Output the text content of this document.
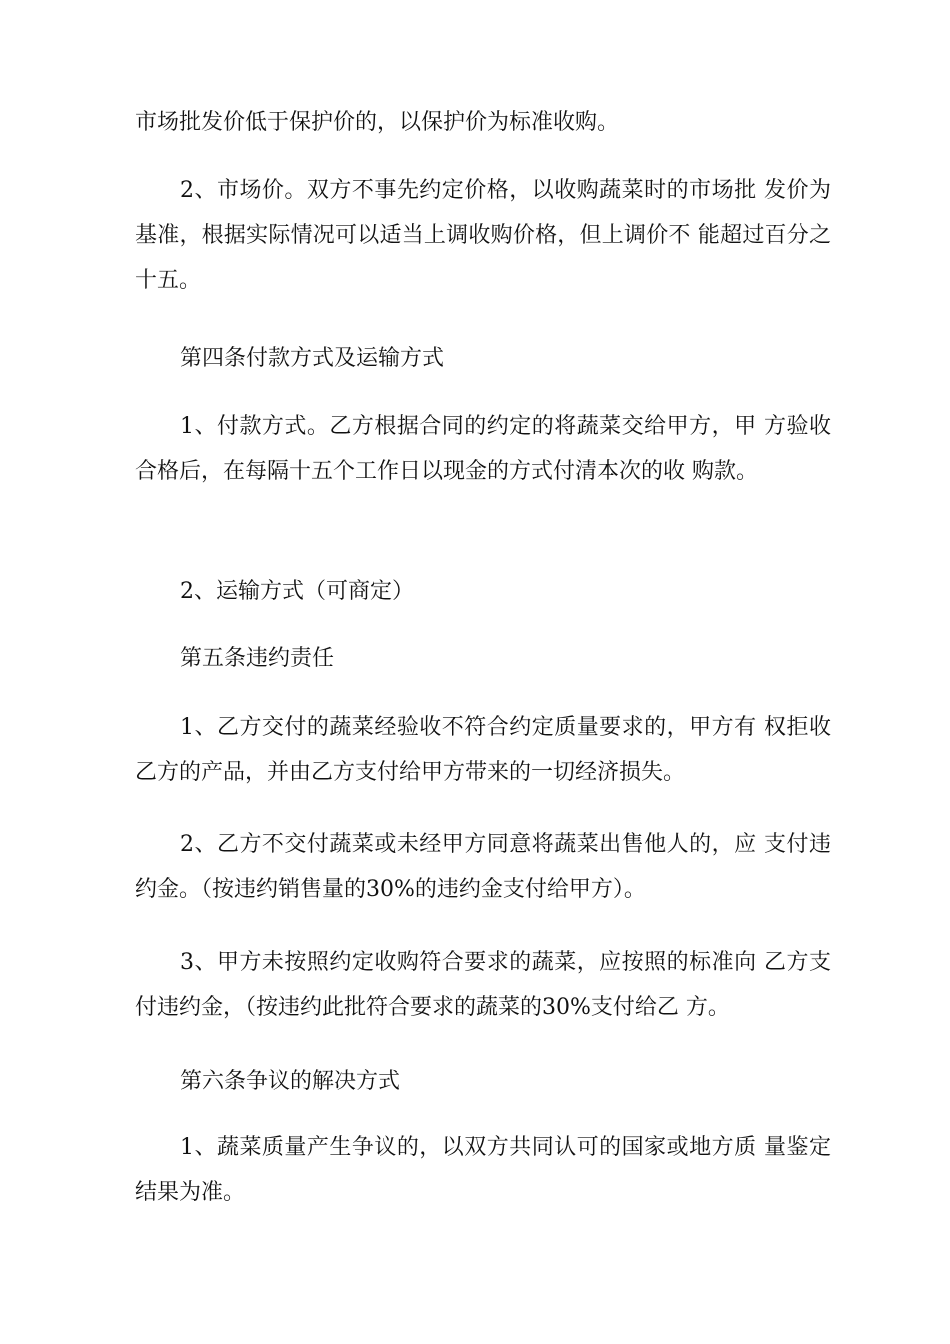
市场批发价低于保护价的，以保护价为标准收购。

2、市场价。双方不事先约定价格，以收购蔬菜时的市场批 发价为基准，根据实际情况可以适当上调收购价格，但上调价不 能超过百分之十五。

第四条付款方式及运输方式

1、付款方式。乙方根据合同的约定的将蔬菜交给甲方，甲 方验收合格后，在每隔十五个工作日以现金的方式付清本次的收 购款。

2、运输方式（可商定）

第五条违约责任

1、乙方交付的蔬菜经验收不符合约定质量要求的，甲方有 权拒收乙方的产品，并由乙方支付给甲方带来的一切经济损失。

2、乙方不交付蔬菜或未经甲方同意将蔬菜出售他人的，应 支付违约金。（按违约销售量的30%的违约金支付给甲方）。

3、甲方未按照约定收购符合要求的蔬菜，应按照的标准向 乙方支付违约金，（按违约此批符合要求的蔬菜的30%支付给乙 方。

第六条争议的解决方式

1、蔬菜质量产生争议的，以双方共同认可的国家或地方质 量鉴定结果为准。
